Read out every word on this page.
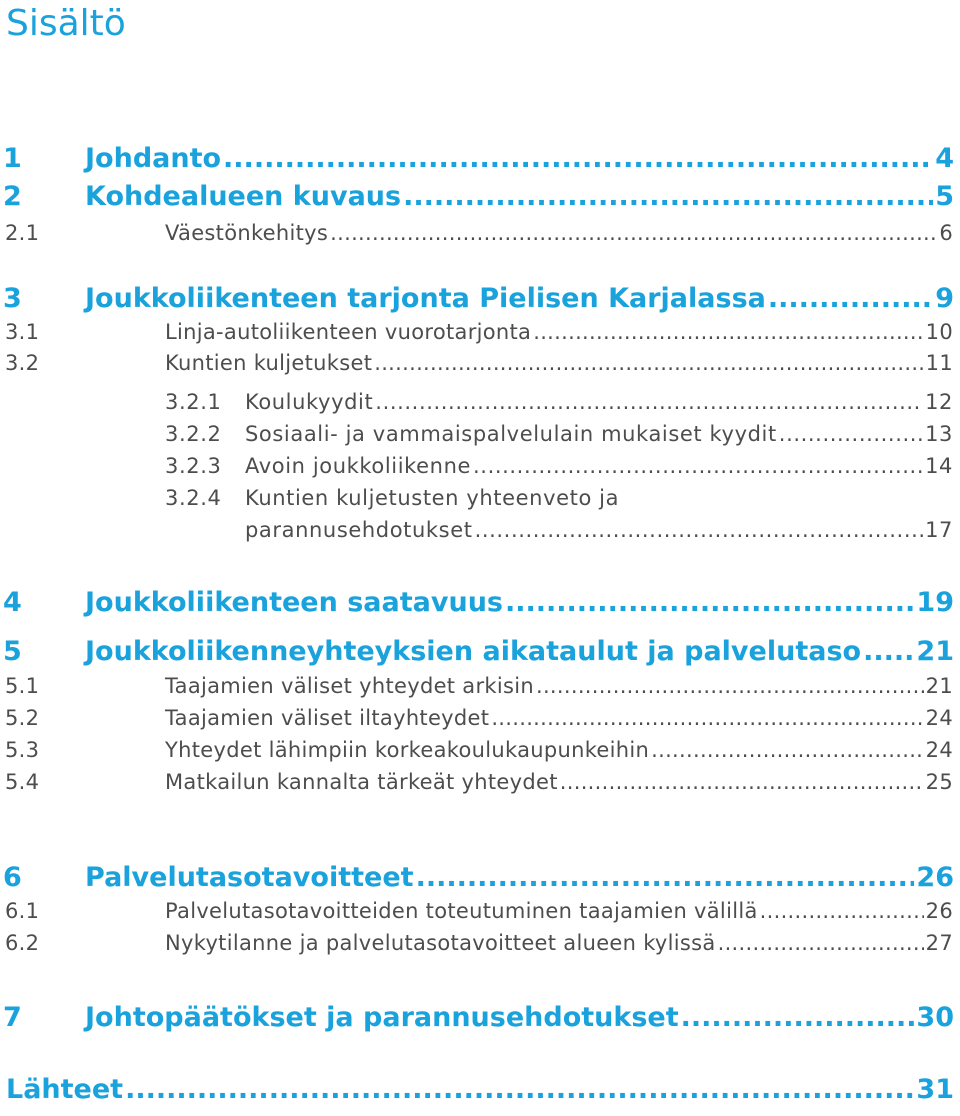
Sisältö
1 Johdanto .....	4
2 Kohdealueen kuvaus .....	5
2.1	Väestönkehitys .....	6
3 Joukkoliikenteen tarjonta Pielisen Karjalassa .....	9
3.1	Linja-autoliikenteen vuorotarjonta .....	10
3.2	Kuntien kuljetukset .....	11
3.2.1 Koulukyydit .....	12
3.2.2 Sosiaali- ja vammaispalvelulain mukaiset kyydit .....	13
3.2.3 Avoin joukkoliikenne .....	14
3.2.4 Kuntien kuljetusten yhteenveto ja
parannusehdotukset .....	17
4 Joukkoliikenteen saatavuus .....	19
5 Joukkoliikenneyhteyksien aikataulut ja palvelutaso ..... 21
5.1	Taajamien väliset yhteydet arkisin .....	21
5.2	Taajamien väliset iltayhteydet .....	24
5.3	Yhteydet lähimpiin korkeakoulukaupunkeihin .....	24
5.4	Matkailun kannalta tärkeät yhteydet .....	25
6 Palvelutasotavoitteet .....	26
6.1	Palvelutasotavoitteiden toteutuminen taajamien välillä .....	26
6.2	Nykytilanne ja palvelutasotavoitteet alueen kylissä .....	27
7 Johtopäätökset ja parannusehdotukset .....	30
Lähteet .....	31
